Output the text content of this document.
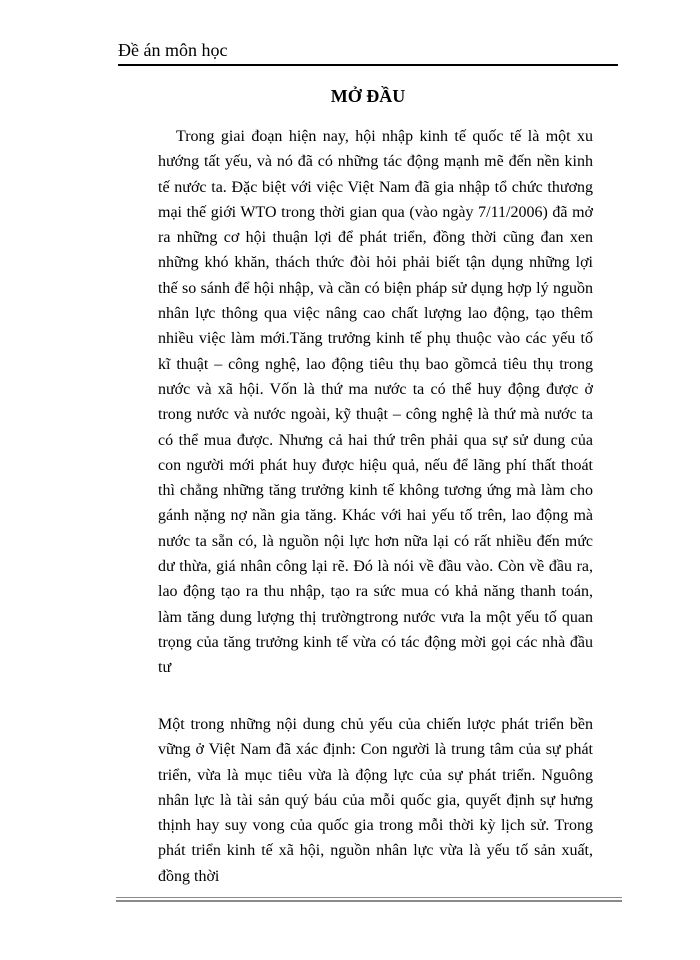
Đề án môn học
MỞ ĐẦU

Trong giai đoạn hiện nay, hội nhập kinh tế quốc tế là một xu hướng tất yếu, và nó đã có những tác động mạnh mẽ đến nền kinh tế nước ta. Đặc biệt với việc Việt Nam đã gia nhập tổ chức thương mại thế giới WTO trong thời gian qua (vào ngày 7/11/2006) đã mở ra những cơ hội thuận lợi để phát triển, đồng thời cũng đan xen những khó khăn, thách thức đòi hỏi phải biết tận dụng những lợi thế so sánh để hội nhập, và cần có biện pháp sử dụng hợp lý nguồn nhân lực thông qua việc nâng cao chất lượng lao động, tạo thêm nhiều việc làm mới.Tăng trưởng kinh tế phụ thuộc vào các yếu tố kĩ thuật – công nghệ, lao động tiêu thụ bao gồmcả tiêu thụ trong nước và xã hội. Vốn là thứ ma nước ta có thể huy động được ở trong nước và nước ngoài, kỹ thuật – công nghệ là thứ mà nước ta có thể mua được. Nhưng cả hai thứ trên phải qua sự sử dung của con người mới phát huy được hiệu quả, nếu để lãng phí thất thoát thì chẳng những tăng trưởng kinh tế không tương ứng mà làm cho gánh nặng nợ nần gia tăng. Khác với hai yếu tố trên, lao động mà nước ta sẵn có, là nguồn nội lực hơn nữa lại có rất nhiều đến mức dư thừa, giá nhân công lại rẽ. Đó là nói về đầu vào. Còn về đầu ra, lao động tạo ra thu nhập, tạo ra sức mua có khả năng thanh toán, làm tăng dung lượng thị trườngtrong nước vưa la một yếu tố quan trọng của tăng trưởng kinh tế vừa có tác động mời gọi các nhà đầu tư

Một trong những nội dung chủ yếu của chiến lược phát triển bền vững ở Việt Nam đã xác định: Con người là trung tâm của sự phát triển, vừa là mục tiêu vừa là động lực của sự phát triển. Nguông nhân lực là tài sản quý báu của mỗi quốc gia, quyết định sự hưng thịnh hay suy vong của quốc gia trong mỗi thời kỳ lịch sử. Trong phát triển kinh tế xã hội, nguồn nhân lực vừa là yếu tố sản xuất, đồng thời
